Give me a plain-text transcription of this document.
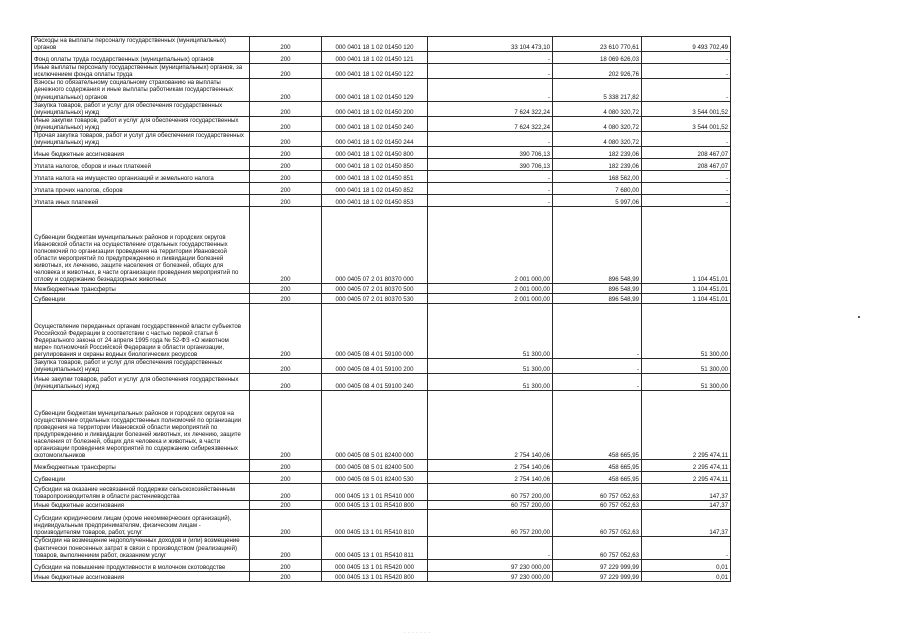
Расходы на выплаты персоналу государственных (муниципальных) органов	200	000 0401 18 1 02 01450 120	33 104 473,10	23 610 770,61	9 493 702,49
Фонд оплаты труда государственных (муниципальных) органов	200	000 0401 18 1 02 01450 121	-	18 069 626,03	-
Иные выплаты персоналу государственных (муниципальных) органов, за исключением фонда оплаты труда	200	000 0401 18 1 02 01450 122	-	202 926,76	-
Взносы по обязательному социальному страхованию на выплаты денежного содержания и иные выплаты работникам государственных (муниципальных) органов	200	000 0401 18 1 02 01450 129	-	5 338 217,82	-
Закупка товаров, работ и услуг для обеспечения государственных (муниципальных) нужд	200	000 0401 18 1 02 01450 200	7 624 322,24	4 080 320,72	3 544 001,52
Иные закупки товаров, работ и услуг для обеспечения государственных (муниципальных) нужд	200	000 0401 18 1 02 01450 240	7 624 322,24	4 080 320,72	3 544 001,52
Прочая закупка товаров, работ и услуг для обеспечения государственных (муниципальных) нужд	200	000 0401 18 1 02 01450 244	-	4 080 320,72	-
Иные бюджетные ассигнования	200	000 0401 18 1 02 01450 800	390 706,13	182 239,06	208 467,07
Уплата налогов, сборов и иных платежей	200	000 0401 18 1 02 01450 850	390 706,13	182 239,06	208 467,07
Уплата налога на имущество организаций и земельного налога	200	000 0401 18 1 02 01450 851	-	168 562,00	-
Уплата прочих налогов, сборов	200	000 0401 18 1 02 01450 852	-	7 680,00	-
Уплата иных платежей	200	000 0401 18 1 02 01450 853	-	5 997,06	-
Субвенции бюджетам муниципальных районов и городских округов Ивановской области на осуществление отдельных государственных полномочий по организации проведения на территории Ивановской области мероприятий по предупреждению и ликвидации болезней животных, их лечению, защите населения от болезней, общих для человека и животных, в части организации проведения мероприятий по отлову и содержанию безнадзорных животных	200	000 0405 07 2 01 80370 000	2 001 000,00	896 548,99	1 104 451,01
Межбюджетные трансферты	200	000 0405 07 2 01 80370 500	2 001 000,00	896 548,99	1 104 451,01
Субвенции	200	000 0405 07 2 01 80370 530	2 001 000,00	896 548,99	1 104 451,01
Осуществление переданных органам государственной власти субъектов Российской Федерации в соответствии с частью первой статьи 6 Федерального закона от 24 апреля 1995 года № 52-ФЗ «О животном мире» полномочий Российской Федерации в области организации, регулирования и охраны водных биологических ресурсов	200	000 0405 08 4 01 59100 000	51 300,00	-	51 300,00
Закупка товаров, работ и услуг для обеспечения государственных (муниципальных) нужд	200	000 0405 08 4 01 59100 200	51 300,00	-	51 300,00
Иные закупки товаров, работ и услуг для обеспечения государственных (муниципальных) нужд	200	000 0405 08 4 01 59100 240	51 300,00	-	51 300,00
Субвенции бюджетам муниципальных районов и городских округов на осуществление отдельных государственных полномочий по организации проведения на территории Ивановской области мероприятий по предупреждению и ликвидации болезней животных, их лечению, защите населения от болезней, общих для человека и животных, в части организации проведения мероприятий по содержанию сибиреязвенных скотомогильников	200	000 0405 08 5 01 82400 000	2 754 140,06	458 665,95	2 295 474,11
Межбюджетные трансферты	200	000 0405 08 5 01 82400 500	2 754 140,06	458 665,95	2 295 474,11
Субвенции	200	000 0405 08 5 01 82400 530	2 754 140,06	458 665,95	2 295 474,11
Субсидии на оказание несвязанной поддержки сельскохозяйственным товаропроизводителям в области растениеводства	200	000 0405 13 1 01 R5410 000	60 757 200,00	60 757 052,63	147,37
Иные бюджетные ассигнования	200	000 0405 13 1 01 R5410 800	60 757 200,00	60 757 052,63	147,37
Субсидии юридическим лицам (кроме некоммерческих организаций), индивидуальным предпринимателям, физическим лицам - производителям товаров, работ, услуг	200	000 0405 13 1 01 R5410 810	60 757 200,00	60 757 052,63	147,37
Субсидии на возмещение недополученных доходов и (или) возмещение фактически понесенных затрат в связи с производством (реализацией) товаров, выполнением работ, оказанием услуг	200	000 0405 13 1 01 R5410 811	-	60 757 052,63	-
Субсидии на повышение продуктивности в молочном скотоводстве	200	000 0405 13 1 01 R5420 000	97 230 000,00	97 229 999,99	0,01
Иные бюджетные ассигнования	200	000 0405 13 1 01 R5420 800	97 230 000,00	97 229 999,99	0,01
· · · · · · ·
